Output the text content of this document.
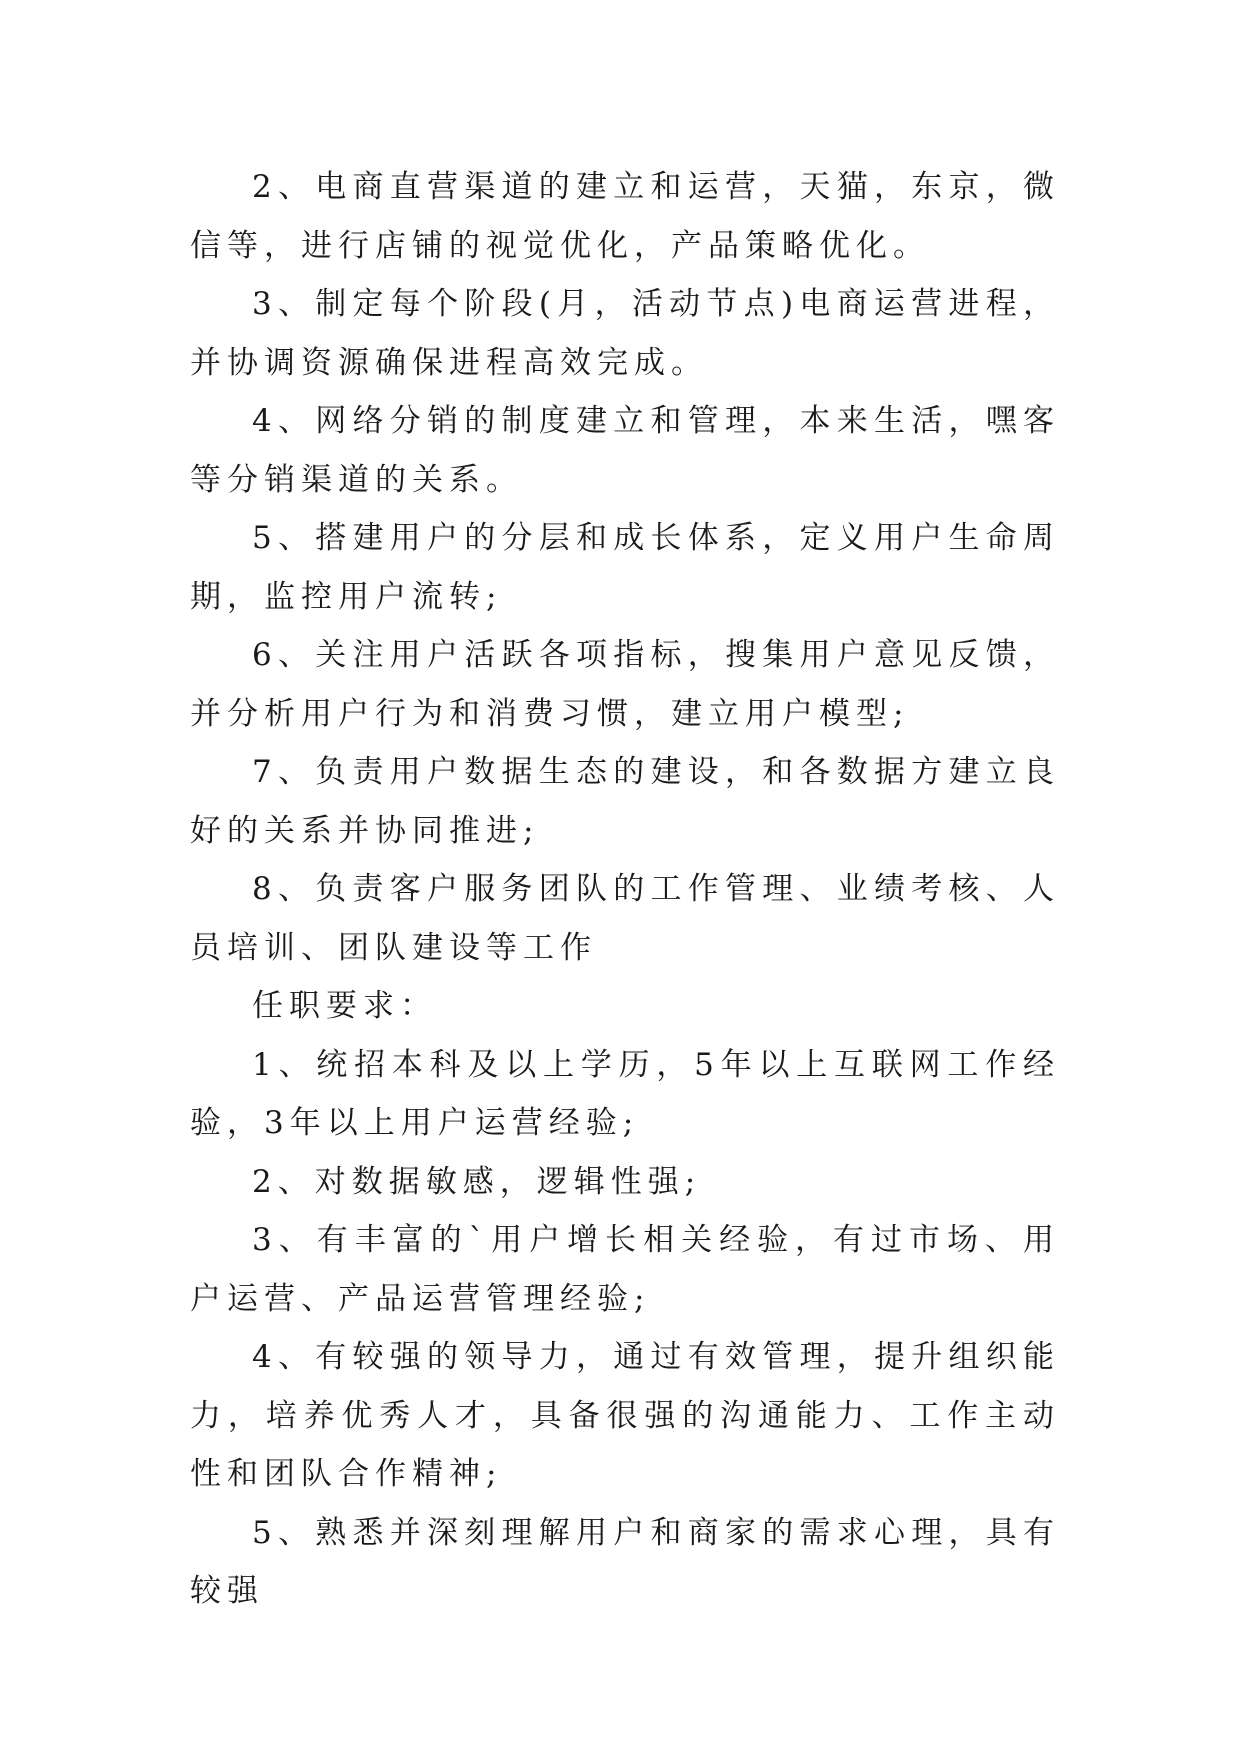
2、电商直营渠道的建立和运营，天猫，东京，微信等，进行店铺的视觉优化，产品策略优化。

3、制定每个阶段(月，活动节点)电商运营进程，并协调资源确保进程高效完成。

4、网络分销的制度建立和管理，本来生活，嘿客等分销渠道的关系。

5、搭建用户的分层和成长体系，定义用户生命周期，监控用户流转;

6、关注用户活跃各项指标，搜集用户意见反馈，并分析用户行为和消费习惯，建立用户模型;

7、负责用户数据生态的建设，和各数据方建立良好的关系并协同推进;

8、负责客户服务团队的工作管理、业绩考核、人员培训、团队建设等工作

任职要求：

1、统招本科及以上学历，5年以上互联网工作经验，3年以上用户运营经验;

2、对数据敏感，逻辑性强;

3、有丰富的`用户增长相关经验，有过市场、用户运营、产品运营管理经验;

4、有较强的领导力，通过有效管理，提升组织能力，培养优秀人才，具备很强的沟通能力、工作主动性和团队合作精神;

5、熟悉并深刻理解用户和商家的需求心理，具有较强
